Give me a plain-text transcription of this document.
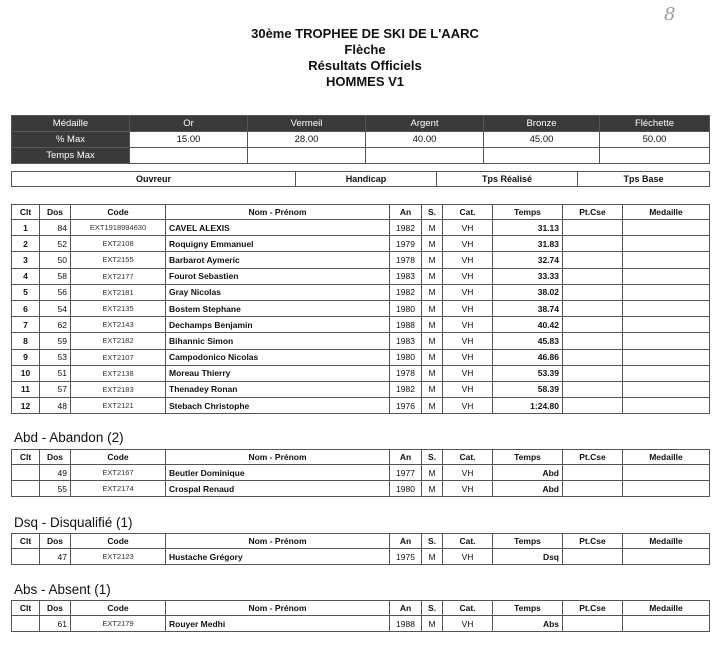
8
30ème TROPHEE DE SKI DE L'AARC
Flèche
Résultats Officiels
HOMMES V1
Médaille	Or	Vermeil	Argent	Bronze	Fléchette
% Max	15.00	28.00	40.00	45.00	50.00
Temps Max					
Ouvreur	Handicap	Tps Réalisé	Tps Base
Clt	Dos	Code	Nom - Prénom	An	S.	Cat.	Temps	Pt.Cse	Medaille
1	84	EXT1918994630	CAVEL ALEXIS	1982	M	VH	31.13		
2	52	EXT2108	Roquigny Emmanuel	1979	M	VH	31.83		
3	50	EXT2155	Barbarot Aymeric	1978	M	VH	32.74		
4	58	EXT2177	Fourot Sebastien	1983	M	VH	33.33		
5	56	EXT2181	Gray Nicolas	1982	M	VH	38.02		
6	54	EXT2135	Bostem Stephane	1980	M	VH	38.74		
7	62	EXT2143	Dechamps Benjamin	1988	M	VH	40.42		
8	59	EXT2182	Bihannic Simon	1983	M	VH	45.83		
9	53	EXT2107	Campodonico Nicolas	1980	M	VH	46.86		
10	51	EXT2138	Moreau Thierry	1978	M	VH	53.39		
11	57	EXT2183	Thenadey Ronan	1982	M	VH	58.39		
12	48	EXT2121	Stebach Christophe	1976	M	VH	1:24.80		
Abd - Abandon (2)
Clt	Dos	Code	Nom - Prénom	An	S.	Cat.	Temps	Pt.Cse	Medaille
	49	EXT2167	Beutler Dominique	1977	M	VH	Abd		
	55	EXT2174	Crospal Renaud	1980	M	VH	Abd		
Dsq - Disqualifié (1)
Clt	Dos	Code	Nom - Prénom	An	S.	Cat.	Temps	Pt.Cse	Medaille
	47	EXT2123	Hustache Grégory	1975	M	VH	Dsq		
Abs - Absent (1)
Clt	Dos	Code	Nom - Prénom	An	S.	Cat.	Temps	Pt.Cse	Medaille
	61	EXT2179	Rouyer Medhi	1988	M	VH	Abs		
